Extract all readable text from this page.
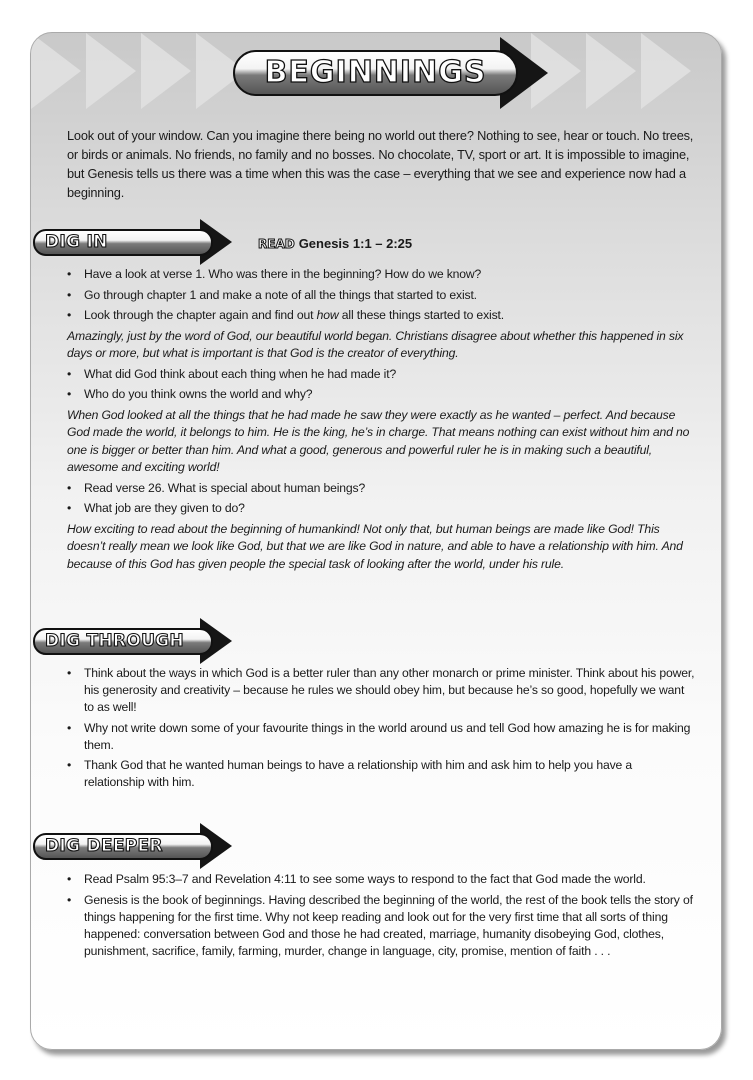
BEGINNINGS
Look out of your window. Can you imagine there being no world out there? Nothing to see, hear or touch. No trees, or birds or animals. No friends, no family and no bosses. No chocolate, TV, sport or art. It is impossible to imagine, but Genesis tells us there was a time when this was the case – everything that we see and experience now had a beginning.
DIG IN	READ Genesis 1:1 – 2:25
• Have a look at verse 1. Who was there in the beginning? How do we know?
• Go through chapter 1 and make a note of all the things that started to exist.
• Look through the chapter again and find out how all these things started to exist.
Amazingly, just by the word of God, our beautiful world began. Christians disagree about whether this happened in six days or more, but what is important is that God is the creator of everything.
• What did God think about each thing when he had made it?
• Who do you think owns the world and why?
When God looked at all the things that he had made he saw they were exactly as he wanted – perfect. And because God made the world, it belongs to him. He is the king, he’s in charge. That means nothing can exist without him and no one is bigger or better than him. And what a good, generous and powerful ruler he is in making such a beautiful, awesome and exciting world!
• Read verse 26. What is special about human beings?
• What job are they given to do?
How exciting to read about the beginning of humankind! Not only that, but human beings are made like God! This doesn’t really mean we look like God, but that we are like God in nature, and able to have a relationship with him. And because of this God has given people the special task of looking after the world, under his rule.
DIG THROUGH
• Think about the ways in which God is a better ruler than any other monarch or prime minister. Think about his power, his generosity and creativity – because he rules we should obey him, but because he’s so good, hopefully we want to as well!
• Why not write down some of your favourite things in the world around us and tell God how amazing he is for making them.
• Thank God that he wanted human beings to have a relationship with him and ask him to help you have a relationship with him.
DIG DEEPER
• Read Psalm 95:3–7 and Revelation 4:11 to see some ways to respond to the fact that God made the world.
• Genesis is the book of beginnings. Having described the beginning of the world, the rest of the book tells the story of things happening for the first time. Why not keep reading and look out for the very first time that all sorts of thing happened: conversation between God and those he had created, marriage, humanity disobeying God, clothes, punishment, sacrifice, family, farming, murder, change in language, city, promise, mention of faith . . .
